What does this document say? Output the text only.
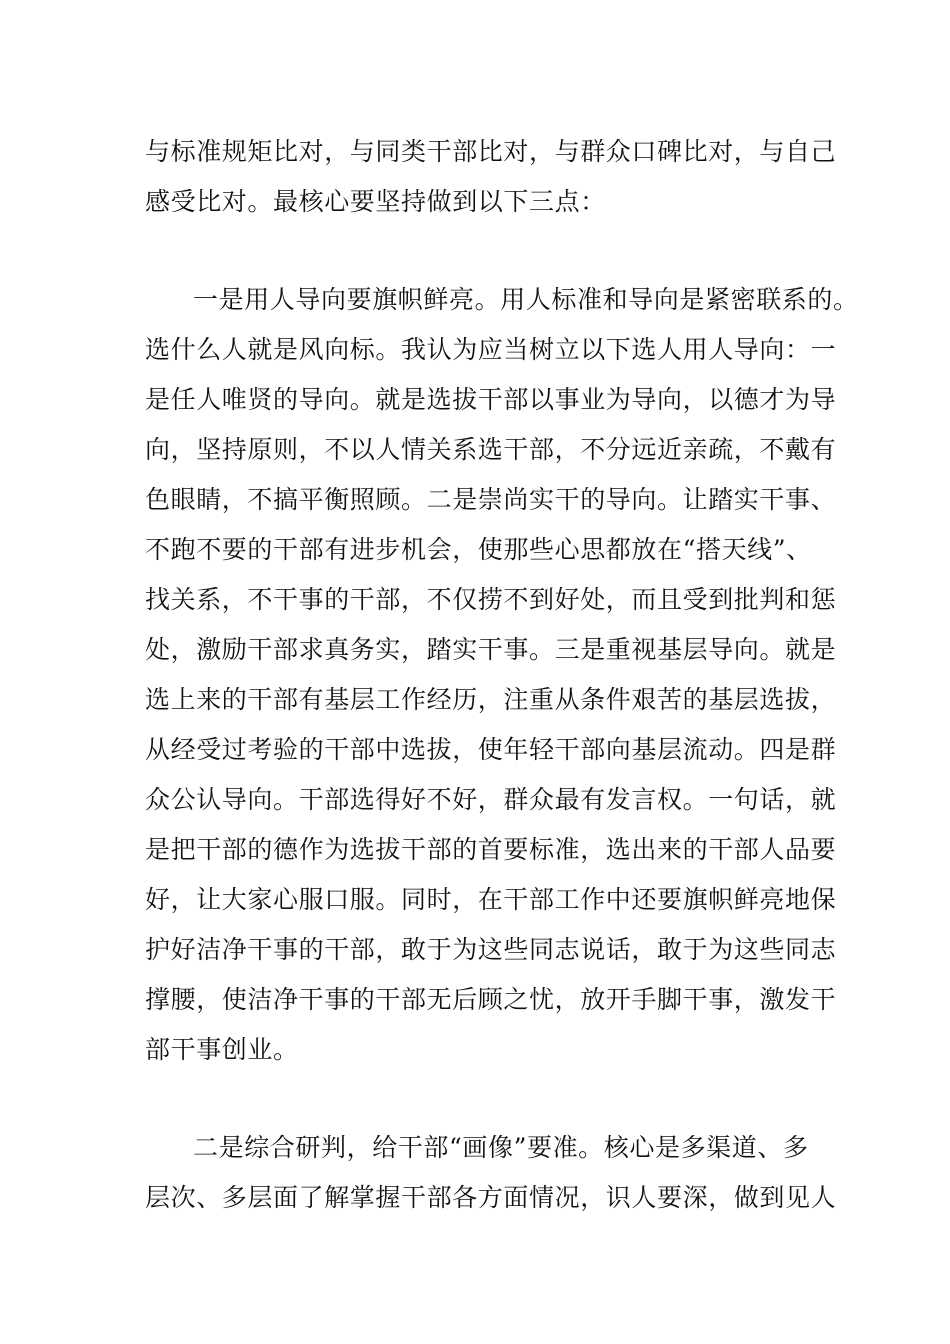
与标准规矩比对，与同类干部比对，与群众口碑比对，与自己
感受比对。最核心要坚持做到以下三点：
一是用人导向要旗帜鲜亮。用人标准和导向是紧密联系的。
选什么人就是风向标。我认为应当树立以下选人用人导向：一
是任人唯贤的导向。就是选拔干部以事业为导向，以德才为导
向，坚持原则，不以人情关系选干部，不分远近亲疏，不戴有
色眼睛，不搞平衡照顾。二是崇尚实干的导向。让踏实干事、
不跑不要的干部有进步机会，使那些心思都放在“搭天线”、
找关系，不干事的干部，不仅捞不到好处，而且受到批判和惩
处，激励干部求真务实，踏实干事。三是重视基层导向。就是
选上来的干部有基层工作经历，注重从条件艰苦的基层选拔，
从经受过考验的干部中选拔，使年轻干部向基层流动。四是群
众公认导向。干部选得好不好，群众最有发言权。一句话，就
是把干部的德作为选拔干部的首要标准，选出来的干部人品要
好，让大家心服口服。同时，在干部工作中还要旗帜鲜亮地保
护好洁净干事的干部，敢于为这些同志说话，敢于为这些同志
撑腰，使洁净干事的干部无后顾之忧，放开手脚干事，激发干
部干事创业。
二是综合研判，给干部“画像”要准。核心是多渠道、多
层次、多层面了解掌握干部各方面情况，识人要深，做到见人
